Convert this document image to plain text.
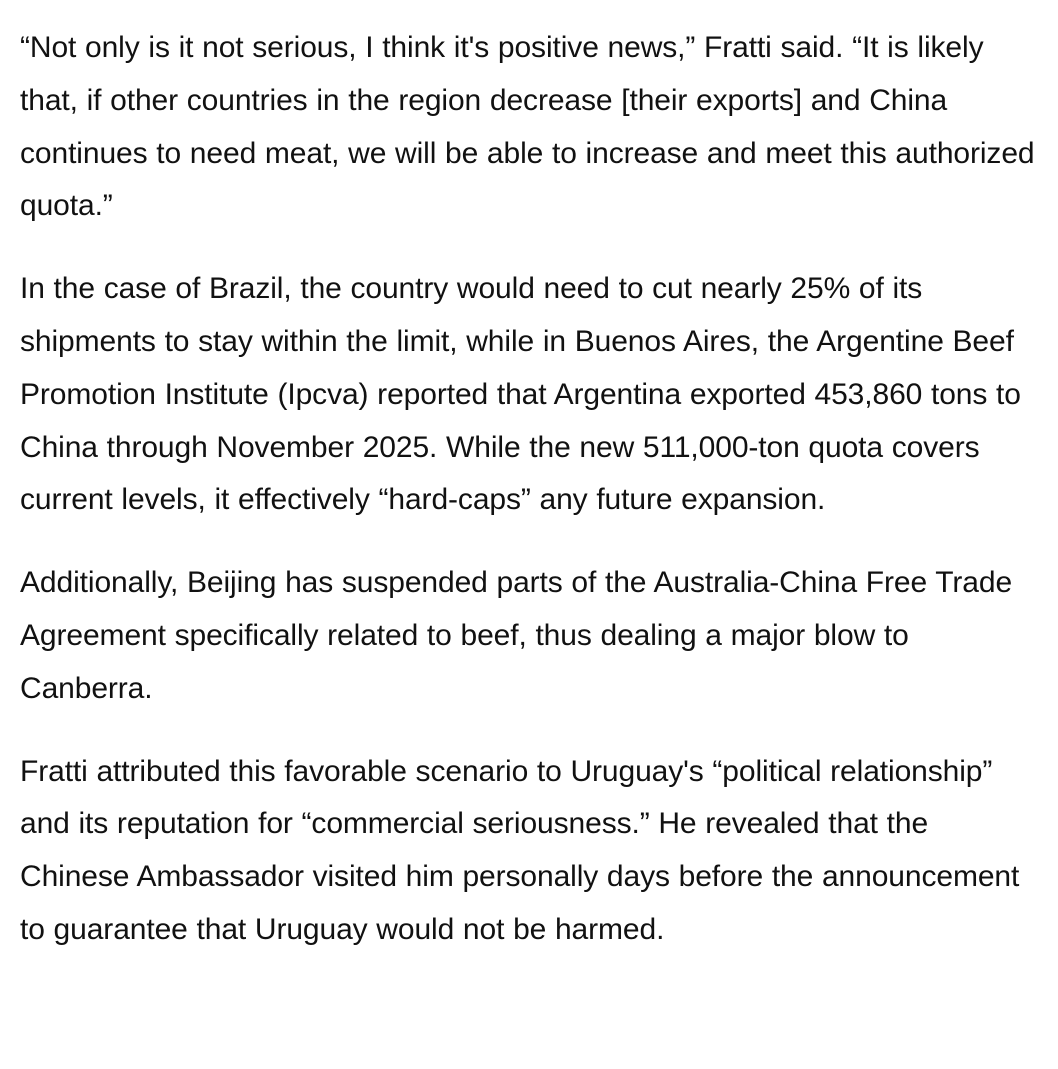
“Not only is it not serious, I think it's positive news,” Fratti said. “It is likely that, if other countries in the region decrease [their exports] and China continues to need meat, we will be able to increase and meet this authorized quota.”

In the case of Brazil, the country would need to cut nearly 25% of its shipments to stay within the limit, while in Buenos Aires, the Argentine Beef Promotion Institute (Ipcva) reported that Argentina exported 453,860 tons to China through November 2025. While the new 511,000-ton quota covers current levels, it effectively “hard-caps” any future expansion.

Additionally, Beijing has suspended parts of the Australia-China Free Trade Agreement specifically related to beef, thus dealing a major blow to Canberra.

Fratti attributed this favorable scenario to Uruguay's “political relationship” and its reputation for “commercial seriousness.” He revealed that the Chinese Ambassador visited him personally days before the announcement to guarantee that Uruguay would not be harmed.
